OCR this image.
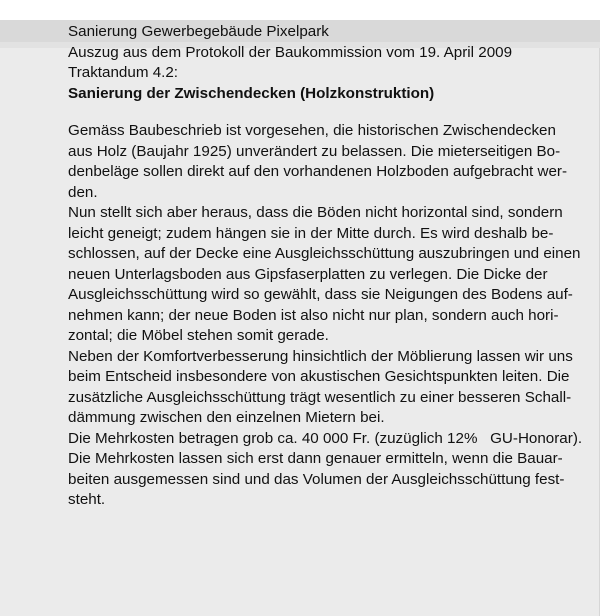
Sanierung Gewerbegebäude Pixelpark

Auszug aus dem Protokoll der Baukommission vom 19. April 2009

Traktandum 4.2:

Sanierung der Zwischendecken (Holzkonstruktion)

Gemäss Baubeschrieb ist vorgesehen, die historischen Zwischendecken
aus Holz (Baujahr 1925) unverändert zu belassen. Die mieterseitigen Bo-
denbeläge sollen direkt auf den vorhandenen Holzboden aufgebracht wer-
den.

Nun stellt sich aber heraus, dass die Böden nicht horizontal sind, sondern
leicht geneigt; zudem hängen sie in der Mitte durch. Es wird deshalb be-
schlossen, auf der Decke eine Ausgleichsschüttung auszubringen und einen
neuen Unterlagsboden aus Gipsfaserplatten zu verlegen. Die Dicke der
Ausgleichsschüttung wird so gewählt, dass sie Neigungen des Bodens auf-
nehmen kann; der neue Boden ist also nicht nur plan, sondern auch hori-
zontal; die Möbel stehen somit gerade.

Neben der Komfortverbesserung hinsichtlich der Möblierung lassen wir uns
beim Entscheid insbesondere von akustischen Gesichtspunkten leiten. Die
zusätzliche Ausgleichsschüttung trägt wesentlich zu einer besseren Schall-
dämmung zwischen den einzelnen Mietern bei.

Die Mehrkosten betragen grob ca. 40 000 Fr. (zuzüglich 12%   GU-Honorar).

Die Mehrkosten lassen sich erst dann genauer ermitteln, wenn die Bauar-
beiten ausgemessen sind und das Volumen der Ausgleichsschüttung fest-
steht.
